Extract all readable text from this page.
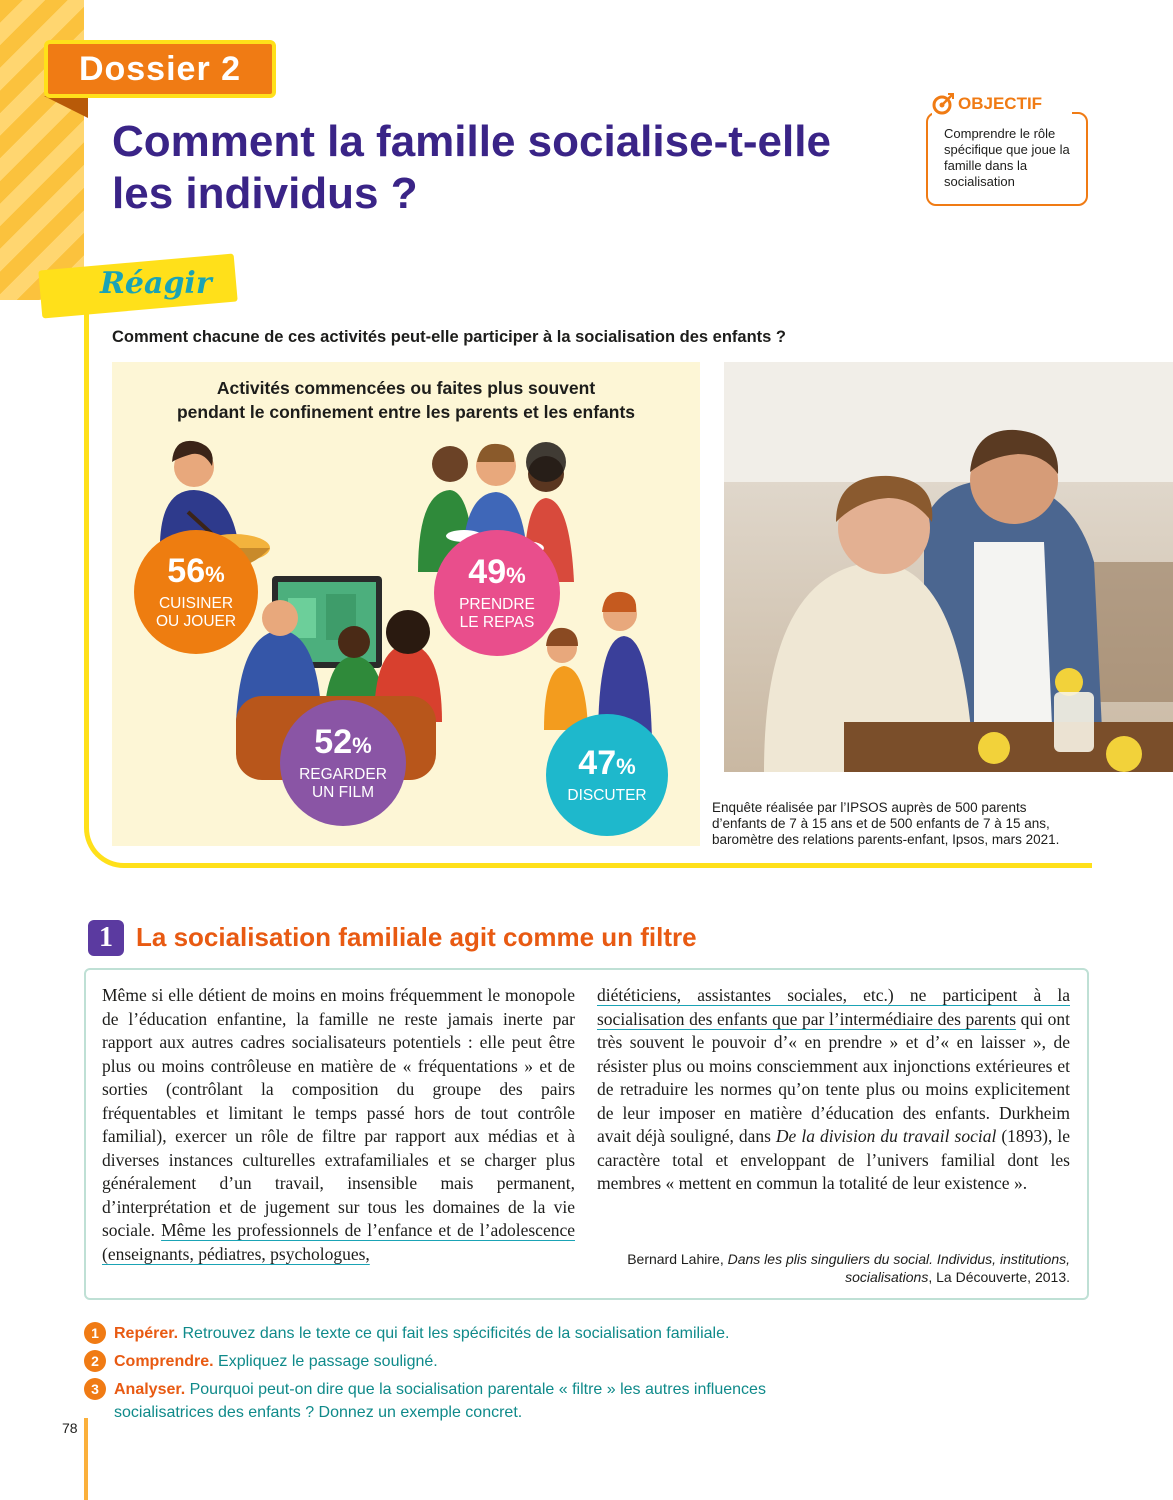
Dossier 2
Comment la famille socialise-t-elle les individus ?
Comprendre le rôle spécifique que joue la famille dans la socialisation
OBJECTIF
Réagir
Comment chacune de ces activités peut-elle participer à la socialisation des enfants ?
56%
CUISINER
OU JOUER
49%
PRENDRE
LE REPAS
52%
REGARDER
UN FILM
47%
DISCUTER
Activités commencées ou faites plus souvent
pendant le confinement entre les parents et les enfants
Enquête réalisée par l’IPSOS auprès de 500 parents
d’enfants de 7 à 15 ans et de 500 enfants de 7 à 15 ans,
baromètre des relations parents-enfant, Ipsos, mars 2021.
1 La socialisation familiale agit comme un filtre

Même si elle détient de moins en moins fréquemment le monopole de l’éducation enfantine, la famille ne reste jamais inerte par rapport aux autres cadres socialisateurs potentiels : elle peut être plus ou moins contrôleuse en matière de « fréquentations » et de sorties (contrôlant la composition du groupe des pairs fréquentables et limitant le temps passé hors de tout contrôle familial), exercer un rôle de filtre par rapport aux médias et à diverses instances culturelles extrafamiliales et se charger plus généralement d’un travail, insensible mais permanent, d’interprétation et de jugement sur tous les domaines de la vie sociale. Même les professionnels de l’enfance et de l’adolescence (enseignants, pédiatres, psychologues,

diététiciens, assistantes sociales, etc.) ne participent à la socialisation des enfants que par l’intermédiaire des parents qui ont très souvent le pouvoir d’« en prendre » et d’« en laisser », de résister plus ou moins consciemment aux injonctions extérieures et de retraduire les normes qu’on tente plus ou moins explicitement de leur imposer en matière d’éducation des enfants. Durkheim avait déjà souligné, dans De la division du travail social (1893), le caractère total et enveloppant de l’univers familial dont les membres « mettent en commun la totalité de leur existence ».

Bernard Lahire, Dans les plis singuliers du social. Individus, institutions, socialisations, La Découverte, 2013.
1 Repérer. Retrouvez dans le texte ce qui fait les spécificités de la socialisation familiale.
2 Comprendre. Expliquez le passage souligné.
3 Analyser. Pourquoi peut-on dire que la socialisation parentale « filtre » les autres influences socialisatrices des enfants ? Donnez un exemple concret.
78
